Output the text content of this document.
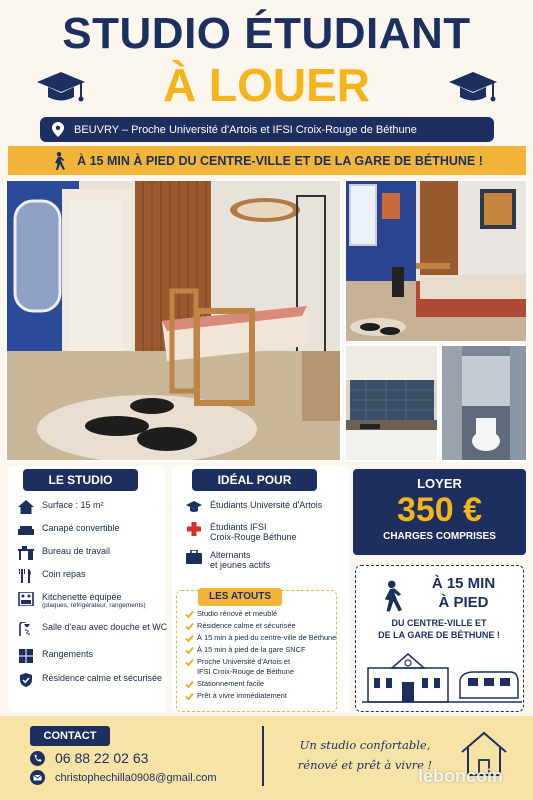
STUDIO ÉTUDIANT
À LOUER
BEUVRY – Proche Université d'Artois et IFSI Croix-Rouge de Béthune
À 15 MIN À PIED DU CENTRE-VILLE ET DE LA GARE DE BÉTHUNE !
LE STUDIO
Surface : 15 m²
Canapé convertible
Bureau de travail
Coin repas
Kitchenette équipée
(plaques, réfrigérateur, rangements)
Salle d'eau avec douche et WC
Rangements
Résidence calme et sécurisée
IDÉAL POUR
Étudiants Université d'Artois
Étudiants IFSI
Croix-Rouge Béthune
Alternants
et jeunes actifs
LES ATOUTS
Studio rénové et meublé
Résidence calme et sécurisée
À 15 min à pied du centre-ville de Béthune
À 15 min à pied de la gare SNCF
Proche Université d'Artois et
IFSI Croix-Rouge de Béthune
Stationnement facile
Prêt à vivre immédiatement
LOYER
350 €
CHARGES COMPRISES
À 15 MIN
À PIED
DU CENTRE-VILLE ET
DE LA GARE DE BÉTHUNE !
CONTACT
06 88 22 02 63
christophechilla0908@gmail.com
Un studio confortable,
rénové et prêt à vivre !
leboncoin
